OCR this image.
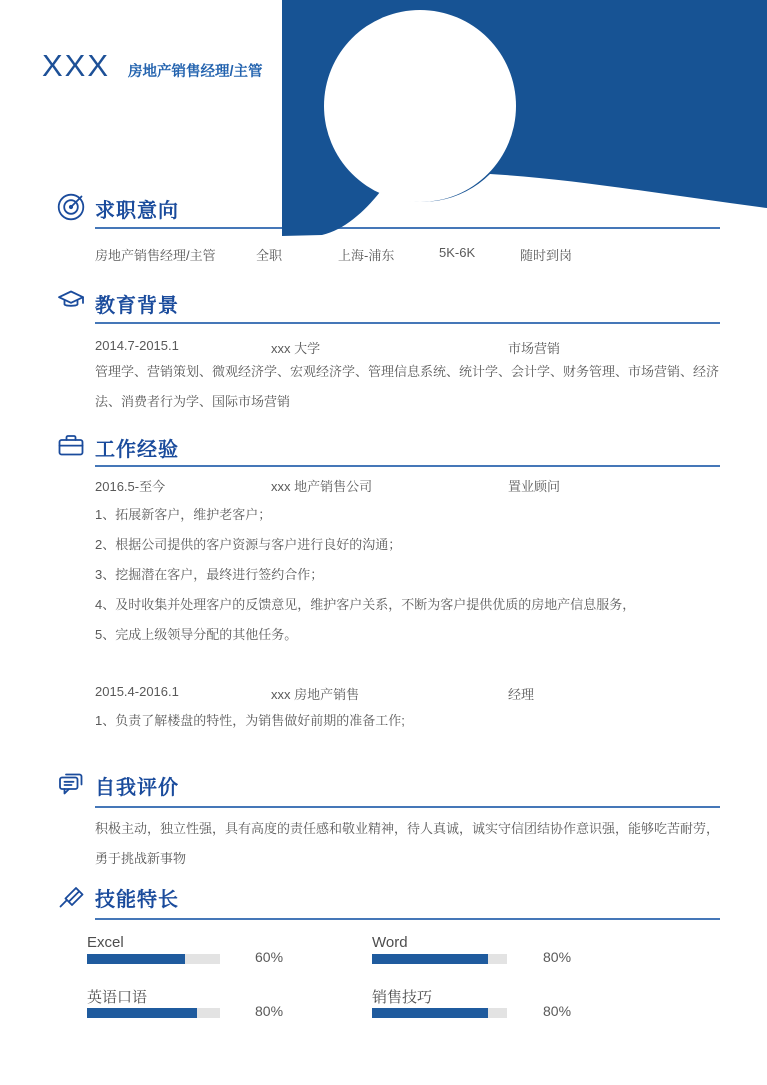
XXX 房地产销售经理/主管
求职意向
房地产销售经理/主管	全职	上海-浦东	5K-6K	随时到岗
教育背景
2014.7-2015.1	xxx 大学	市场营销
管理学、营销策划、微观经济学、宏观经济学、管理信息系统、统计学、会计学、财务管理、市场营销、经济法、消费者行为学、国际市场营销
工作经验
2016.5-至今	xxx 地产销售公司	置业顾问
1、拓展新客户，维护老客户；
2、根据公司提供的客户资源与客户进行良好的沟通；
3、挖掘潜在客户，最终进行签约合作；
4、及时收集并处理客户的反馈意见，维护客户关系，不断为客户提供优质的房地产信息服务，
5、完成上级领导分配的其他任务。
2015.4-2016.1	xxx 房地产销售	经理
1、负责了解楼盘的特性，为销售做好前期的准备工作;
自我评价
积极主动，独立性强，具有高度的责任感和敬业精神，待人真诚，诚实守信团结协作意识强，能够吃苦耐劳，勇于挑战新事物
技能特长
Excel
60%
Word
80%
英语口语
80%
销售技巧
80%
